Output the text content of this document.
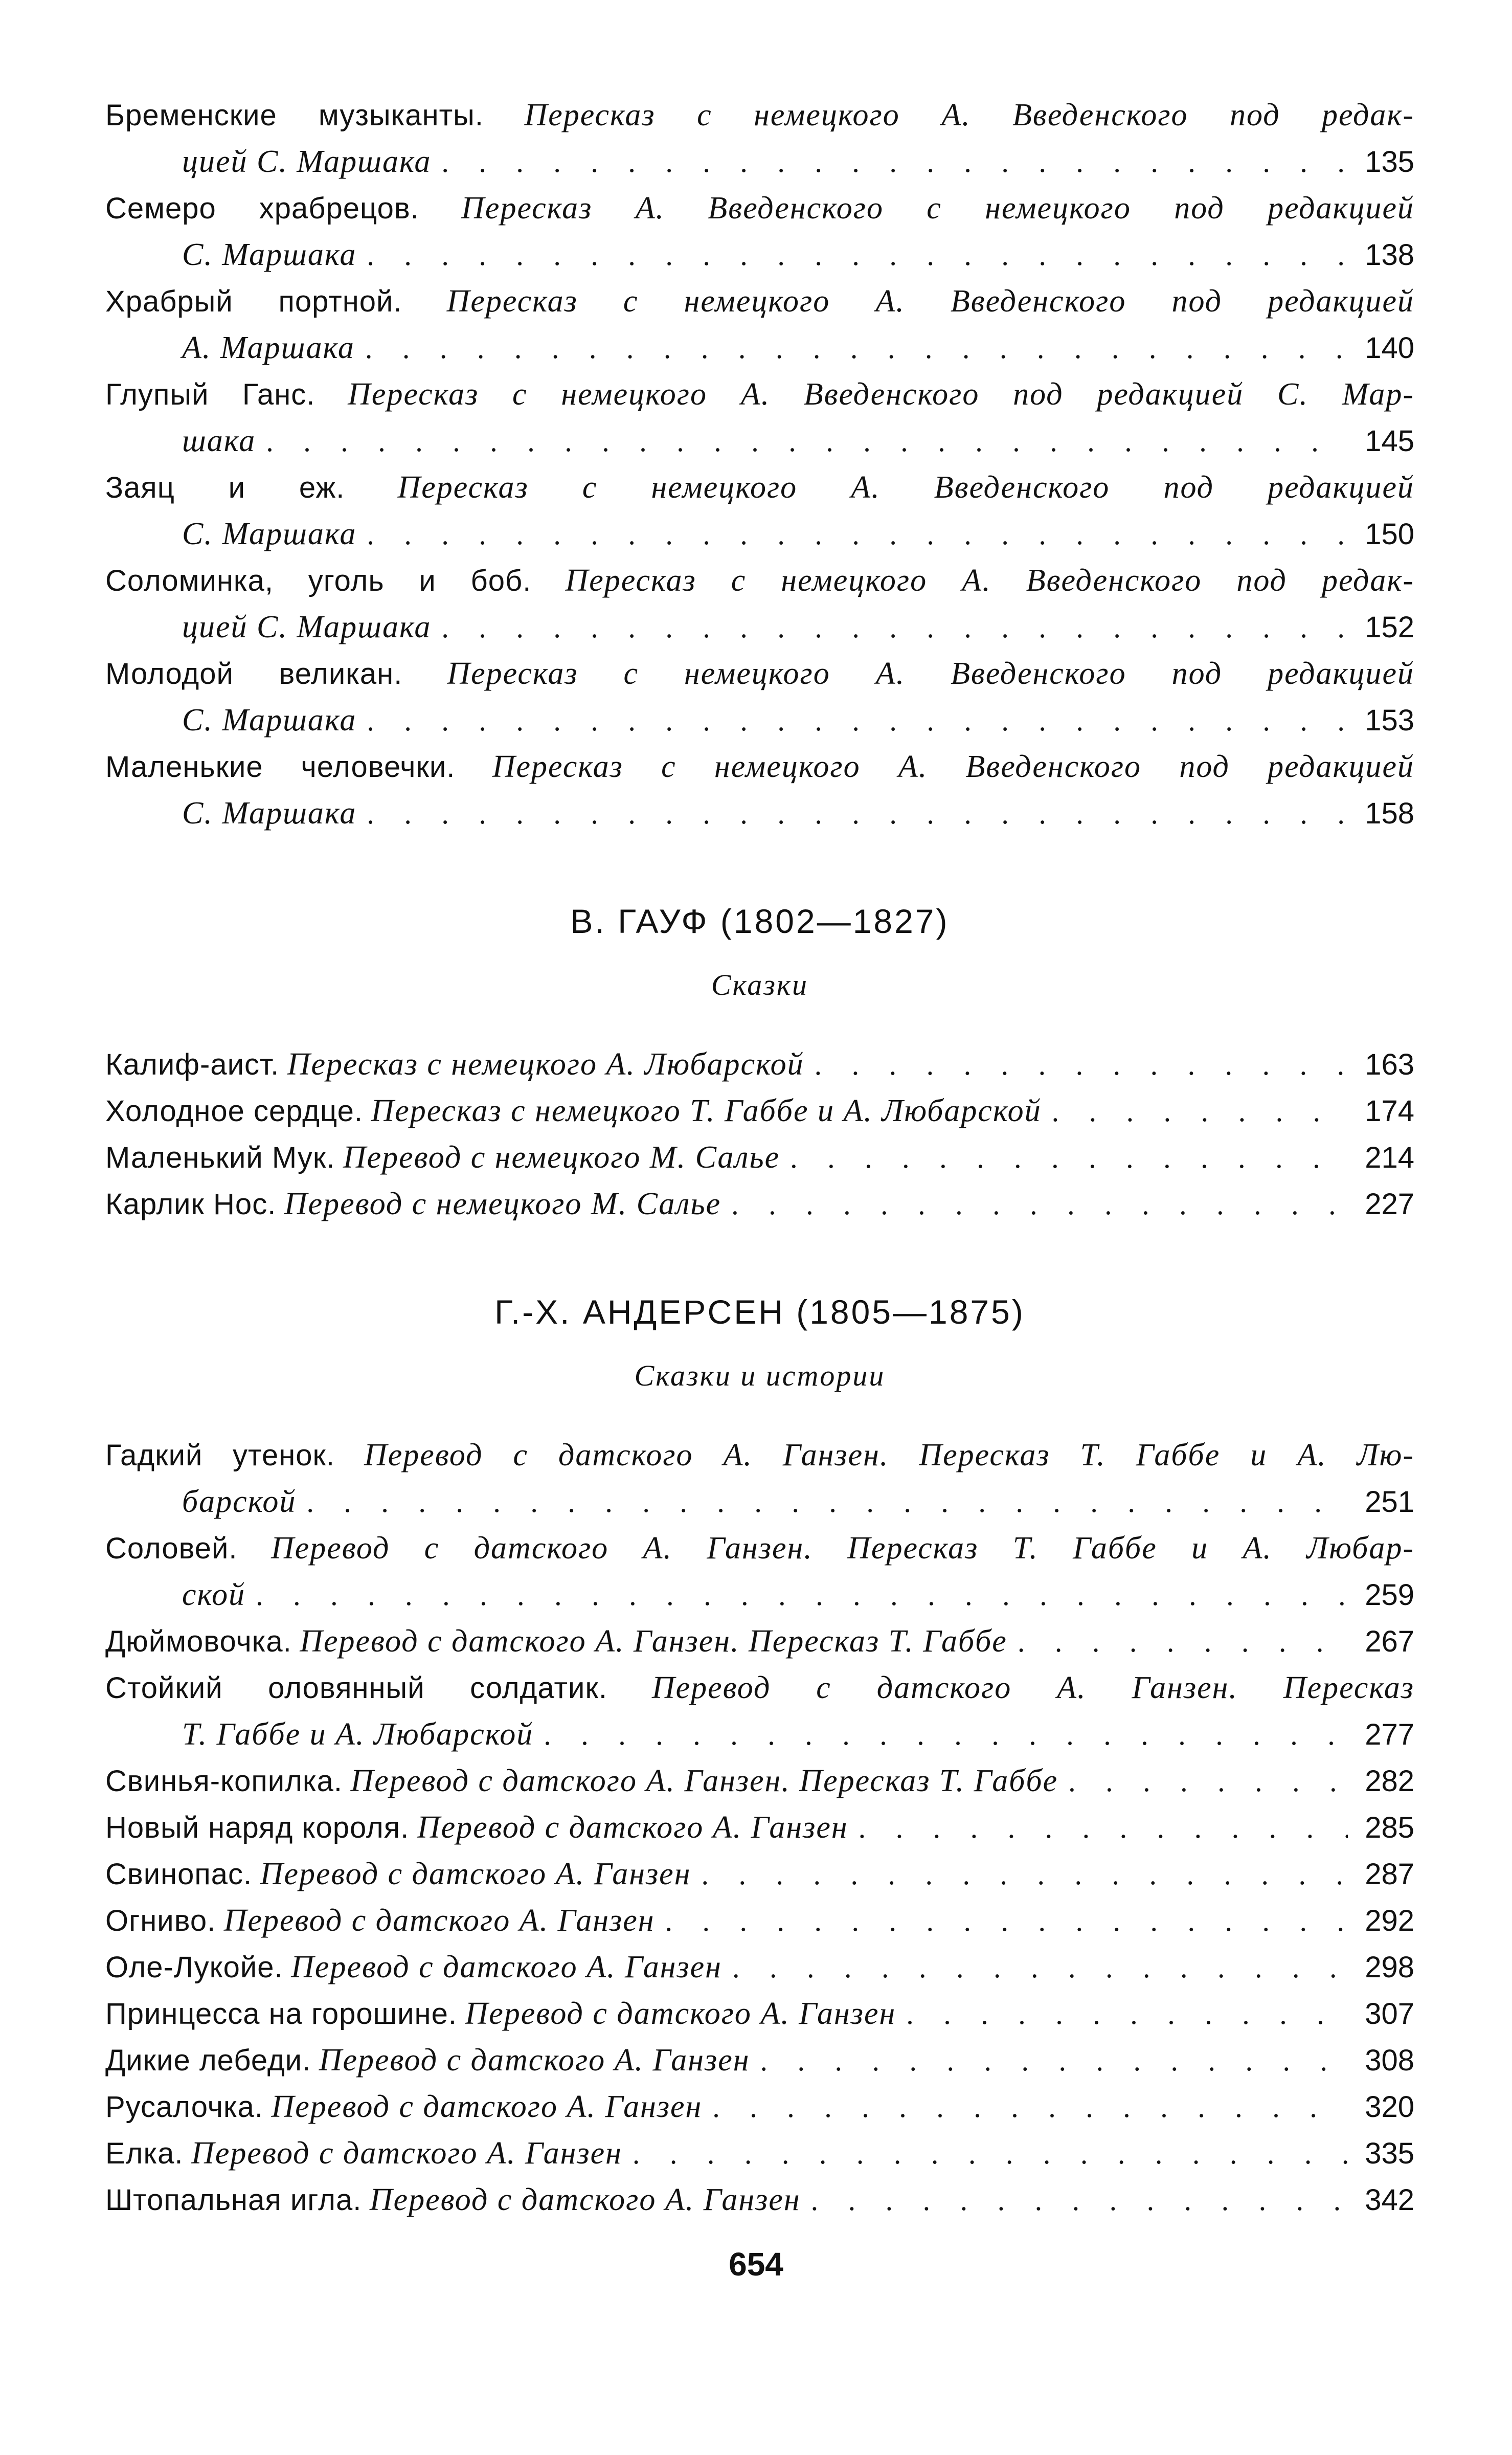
Бременские музыканты. Пересказ с немецкого А. Введенского под редак-
цией С. Маршака . . .	135
Семеро храбрецов. Пересказ А. Введенского с немецкого под редакцией
С. Маршака . . .	138
Храбрый портной. Пересказ с немецкого А. Введенского под редакцией
А. Маршака . . .	140
Глупый Ганс. Пересказ с немецкого А. Введенского под редакцией С. Мар-
шака . . .	145
Заяц и еж. Пересказ с немецкого А. Введенского под редакцией
С. Маршака . . .	150
Соломинка, уголь и боб. Пересказ с немецкого А. Введенского под редак-
цией С. Маршака . . .	152
Молодой великан. Пересказ с немецкого А. Введенского под редакцией
С. Маршака . . .	153
Маленькие человечки. Пересказ с немецкого А. Введенского под редакцией
С. Маршака . . .	158
В. ГАУФ (1802—1827)
Сказки
Калиф-аист.
Пересказ с немецкого А. Любарской . . .	163
Холодное сердце.
Пересказ с немецкого Т. Габбе и А. Любарской . . .	174
Маленький Мук.
Перевод с немецкого М. Салье . . .	214
Карлик Нос.
Перевод с немецкого М. Салье . . .	227
Г.-Х. АНДЕРСЕН (1805—1875)
Сказки и истории
Гадкий утенок. Перевод с датского А. Ганзен. Пересказ Т. Габбе и А. Лю-
барской . . .	251
Соловей. Перевод с датского А. Ганзен. Пересказ Т. Габбе и А. Любар-
ской . . .	259
Дюймовочка.
Перевод с датского А. Ганзен. Пересказ Т. Габбе . . .	267
Стойкий оловянный солдатик. Перевод с датского А. Ганзен. Пересказ
Т. Габбе и А. Любарской . . .	277
Свинья-копилка.
Перевод с датского А. Ганзен. Пересказ Т. Габбе . . .	282
Новый наряд короля.
Перевод с датского А. Ганзен . . .	285
Свинопас.
Перевод с датского А. Ганзен . . .	287
Огниво.
Перевод с датского А. Ганзен . . .	292
Оле-Лукойе.
Перевод с датского А. Ганзен . . .	298
Принцесса на горошине.
Перевод с датского А. Ганзен . . .	307
Дикие лебеди.
Перевод с датского А. Ганзен . . .	308
Русалочка.
Перевод с датского А. Ганзен . . .	320
Елка.
Перевод с датского А. Ганзен . . .	335
Штопальная игла.
Перевод с датского А. Ганзен . . .	342
654
